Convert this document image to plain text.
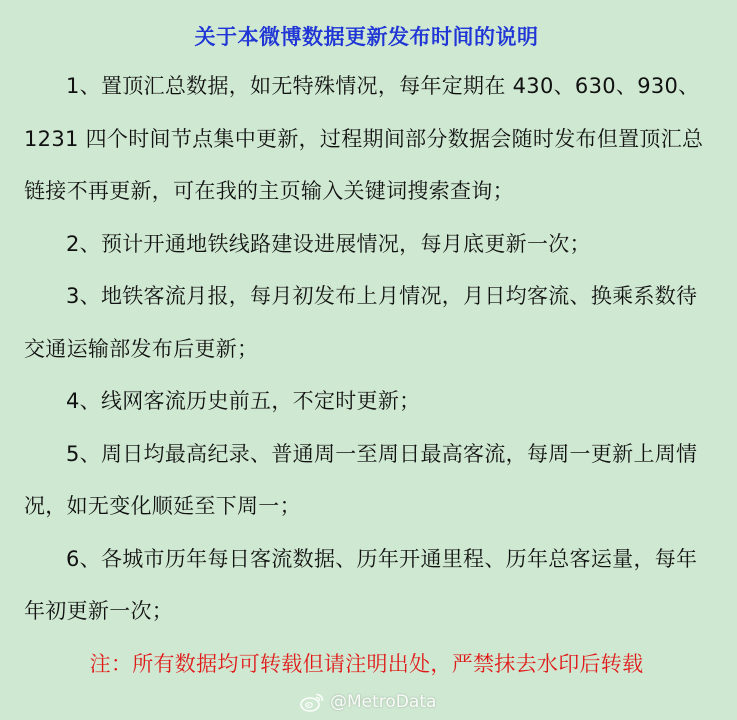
关于本微博数据更新发布时间的说明

1、置顶汇总数据，如无特殊情况，每年定期在 430、630、930、1231 四个时间节点集中更新，过程期间部分数据会随时发布但置顶汇总链接不再更新，可在我的主页输入关键词搜索查询；

2、预计开通地铁线路建设进展情况，每月底更新一次；

3、地铁客流月报，每月初发布上月情况，月日均客流、换乘系数待交通运输部发布后更新；

4、线网客流历史前五，不定时更新；

5、周日均最高纪录、普通周一至周日最高客流，每周一更新上周情况，如无变化顺延至下周一；

6、各城市历年每日客流数据、历年开通里程、历年总客运量，每年年初更新一次；

注：所有数据均可转载但请注明出处，严禁抹去水印后转载

@MetroData
